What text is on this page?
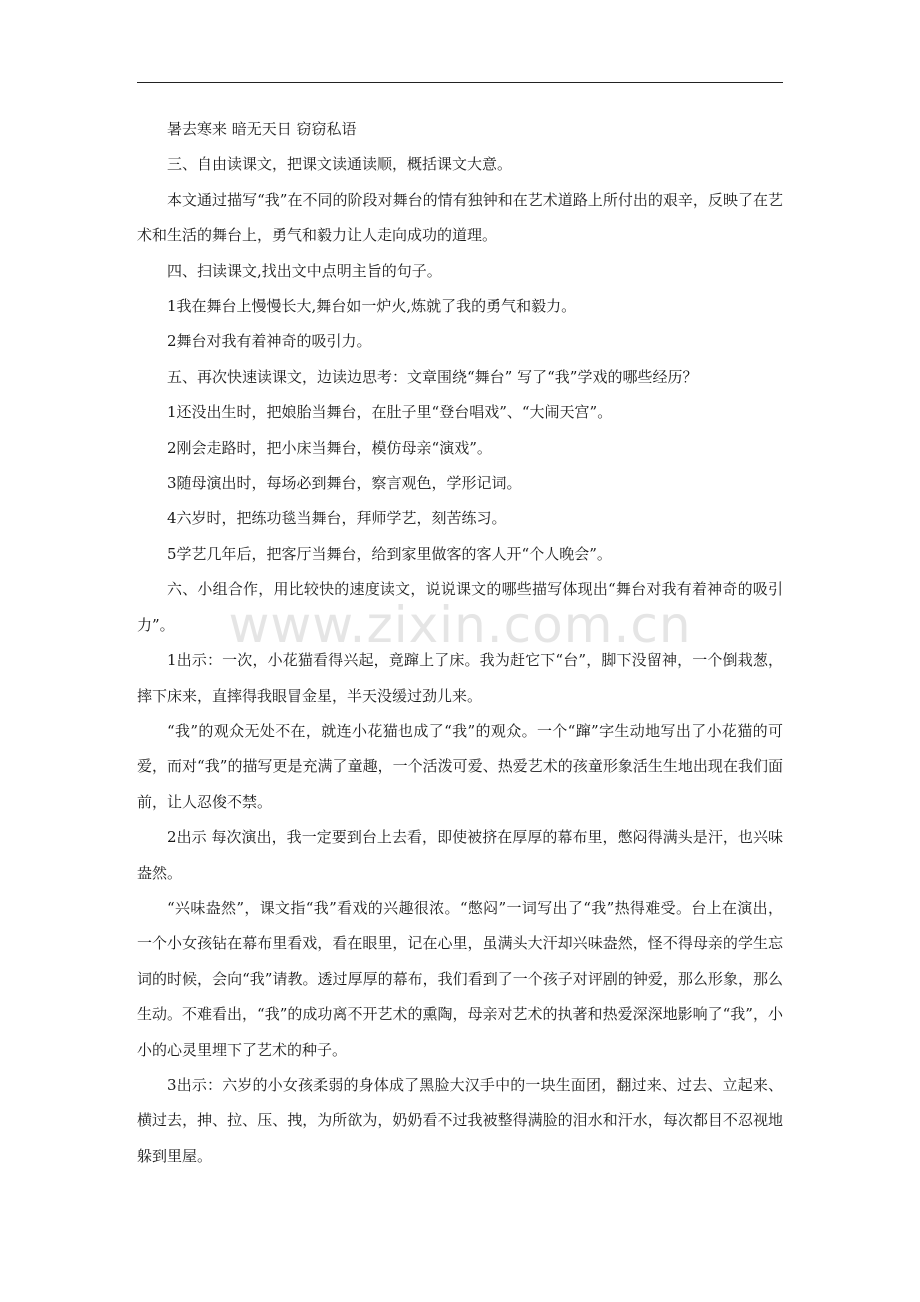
暑去寒来 暗无天日 窃窃私语

三、自由读课文，把课文读通读顺，概括课文大意。

本文通过描写“我”在不同的阶段对舞台的情有独钟和在艺术道路上所付出的艰辛，反映了在艺术和生活的舞台上，勇气和毅力让人走向成功的道理。

四、扫读课文,找出文中点明主旨的句子。

1我在舞台上慢慢长大,舞台如一炉火,炼就了我的勇气和毅力。

2舞台对我有着神奇的吸引力。

五、再次快速读课文，边读边思考：文章围绕“舞台” 写了“我”学戏的哪些经历？

1还没出生时，把娘胎当舞台，在肚子里“登台唱戏”、“大闹天宫”。

2刚会走路时，把小床当舞台，模仿母亲“演戏”。

3随母演出时，每场必到舞台，察言观色，学形记词。

4六岁时，把练功毯当舞台，拜师学艺，刻苦练习。

5学艺几年后，把客厅当舞台，给到家里做客的客人开“个人晚会”。

六、小组合作，用比较快的速度读文，说说课文的哪些描写体现出“舞台对我有着神奇的吸引力”。

1出示：一次，小花猫看得兴起，竟蹿上了床。我为赶它下“台”，脚下没留神，一个倒栽葱，摔下床来，直摔得我眼冒金星，半天没缓过劲儿来。

“我”的观众无处不在，就连小花猫也成了“我”的观众。一个“蹿”字生动地写出了小花猫的可爱，而对“我”的描写更是充满了童趣，一个活泼可爱、热爱艺术的孩童形象活生生地出现在我们面前，让人忍俊不禁。

2出示 每次演出，我一定要到台上去看，即使被挤在厚厚的幕布里，憋闷得满头是汗，也兴味盎然。

“兴味盎然”，课文指“我”看戏的兴趣很浓。“憋闷”一词写出了“我”热得难受。台上在演出，一个小女孩钻在幕布里看戏，看在眼里，记在心里，虽满头大汗却兴味盎然，怪不得母亲的学生忘词的时候，会向“我”请教。透过厚厚的幕布，我们看到了一个孩子对评剧的钟爱，那么形象，那么生动。不难看出，“我”的成功离不开艺术的熏陶，母亲对艺术的执著和热爱深深地影响了“我”，小小的心灵里埋下了艺术的种子。

3出示：六岁的小女孩柔弱的身体成了黑脸大汉手中的一块生面团，翻过来、过去、立起来、横过去，抻、拉、压、拽，为所欲为，奶奶看不过我被整得满脸的泪水和汗水，每次都目不忍视地躲到里屋。

www.zixin.com.cn
